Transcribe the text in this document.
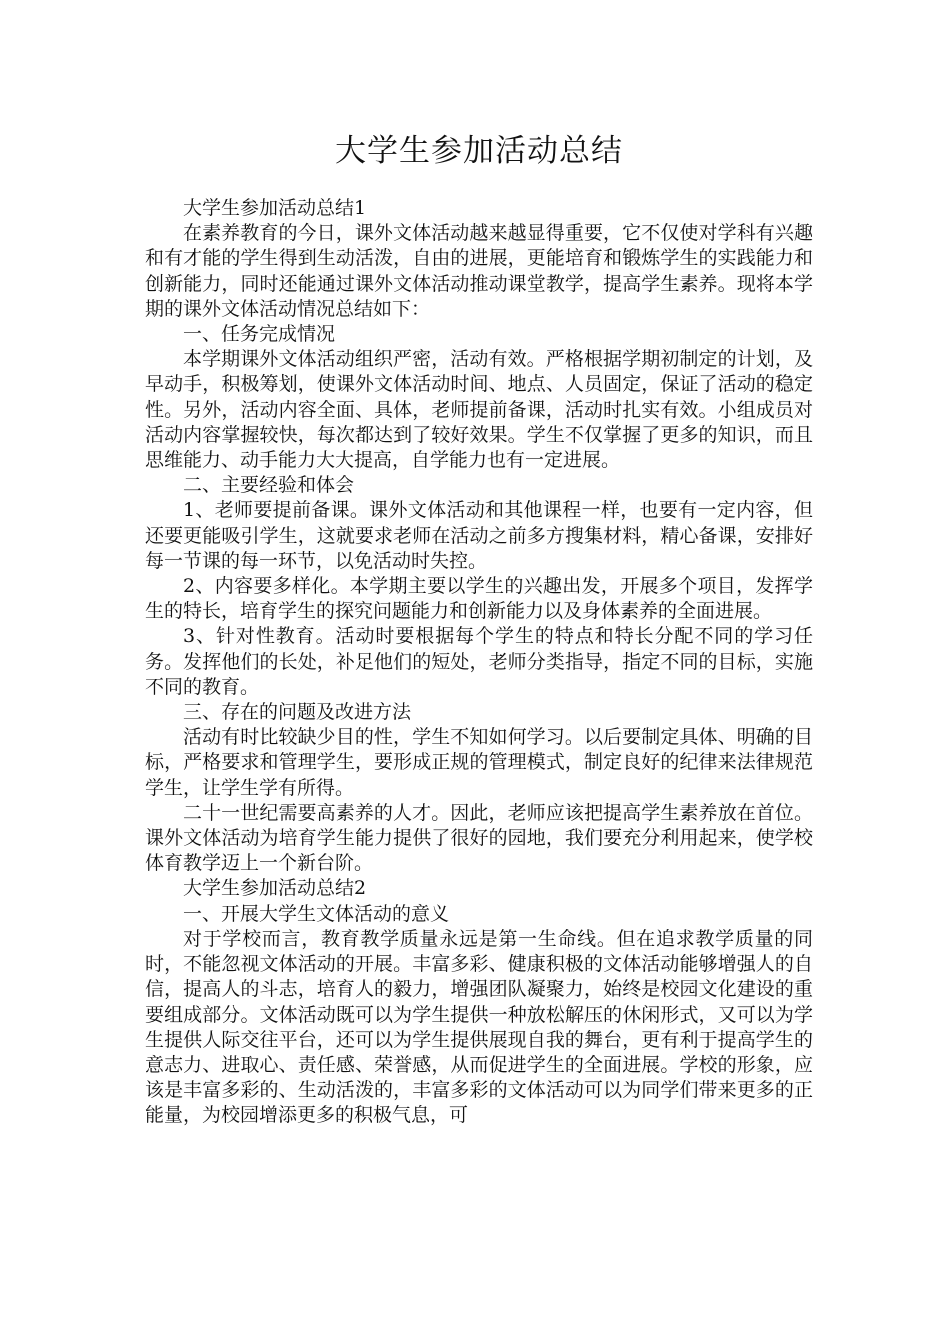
大学生参加活动总结

大学生参加活动总结1

在素养教育的今日，课外文体活动越来越显得重要，它不仅使对学科有兴趣和有才能的学生得到生动活泼，自由的进展，更能培育和锻炼学生的实践能力和创新能力，同时还能通过课外文体活动推动课堂教学，提高学生素养。现将本学期的课外文体活动情况总结如下：

一、任务完成情况

本学期课外文体活动组织严密，活动有效。严格根据学期初制定的计划，及早动手，积极筹划，使课外文体活动时间、地点、人员固定，保证了活动的稳定性。另外，活动内容全面、具体，老师提前备课，活动时扎实有效。小组成员对活动内容掌握较快，每次都达到了较好效果。学生不仅掌握了更多的知识，而且思维能力、动手能力大大提高，自学能力也有一定进展。

二、主要经验和体会

1、老师要提前备课。课外文体活动和其他课程一样，也要有一定内容，但还要更能吸引学生，这就要求老师在活动之前多方搜集材料，精心备课，安排好每一节课的每一环节，以免活动时失控。

2、内容要多样化。本学期主要以学生的兴趣出发，开展多个项目，发挥学生的特长，培育学生的探究问题能力和创新能力以及身体素养的全面进展。

3、针对性教育。活动时要根据每个学生的特点和特长分配不同的学习任务。发挥他们的长处，补足他们的短处，老师分类指导，指定不同的目标，实施不同的教育。

三、存在的问题及改进方法

活动有时比较缺少目的性，学生不知如何学习。以后要制定具体、明确的目标，严格要求和管理学生，要形成正规的管理模式，制定良好的纪律来法律规范学生，让学生学有所得。

二十一世纪需要高素养的人才。因此，老师应该把提高学生素养放在首位。课外文体活动为培育学生能力提供了很好的园地，我们要充分利用起来，使学校体育教学迈上一个新台阶。

大学生参加活动总结2

一、开展大学生文体活动的意义

对于学校而言，教育教学质量永远是第一生命线。但在追求教学质量的同时，不能忽视文体活动的开展。丰富多彩、健康积极的文体活动能够增强人的自信，提高人的斗志，培育人的毅力，增强团队凝聚力，始终是校园文化建设的重要组成部分。文体活动既可以为学生提供一种放松解压的休闲形式，又可以为学生提供人际交往平台，还可以为学生提供展现自我的舞台，更有利于提高学生的意志力、进取心、责任感、荣誉感，从而促进学生的全面进展。学校的形象，应该是丰富多彩的、生动活泼的，丰富多彩的文体活动可以为同学们带来更多的正能量，为校园增添更多的积极气息，可
